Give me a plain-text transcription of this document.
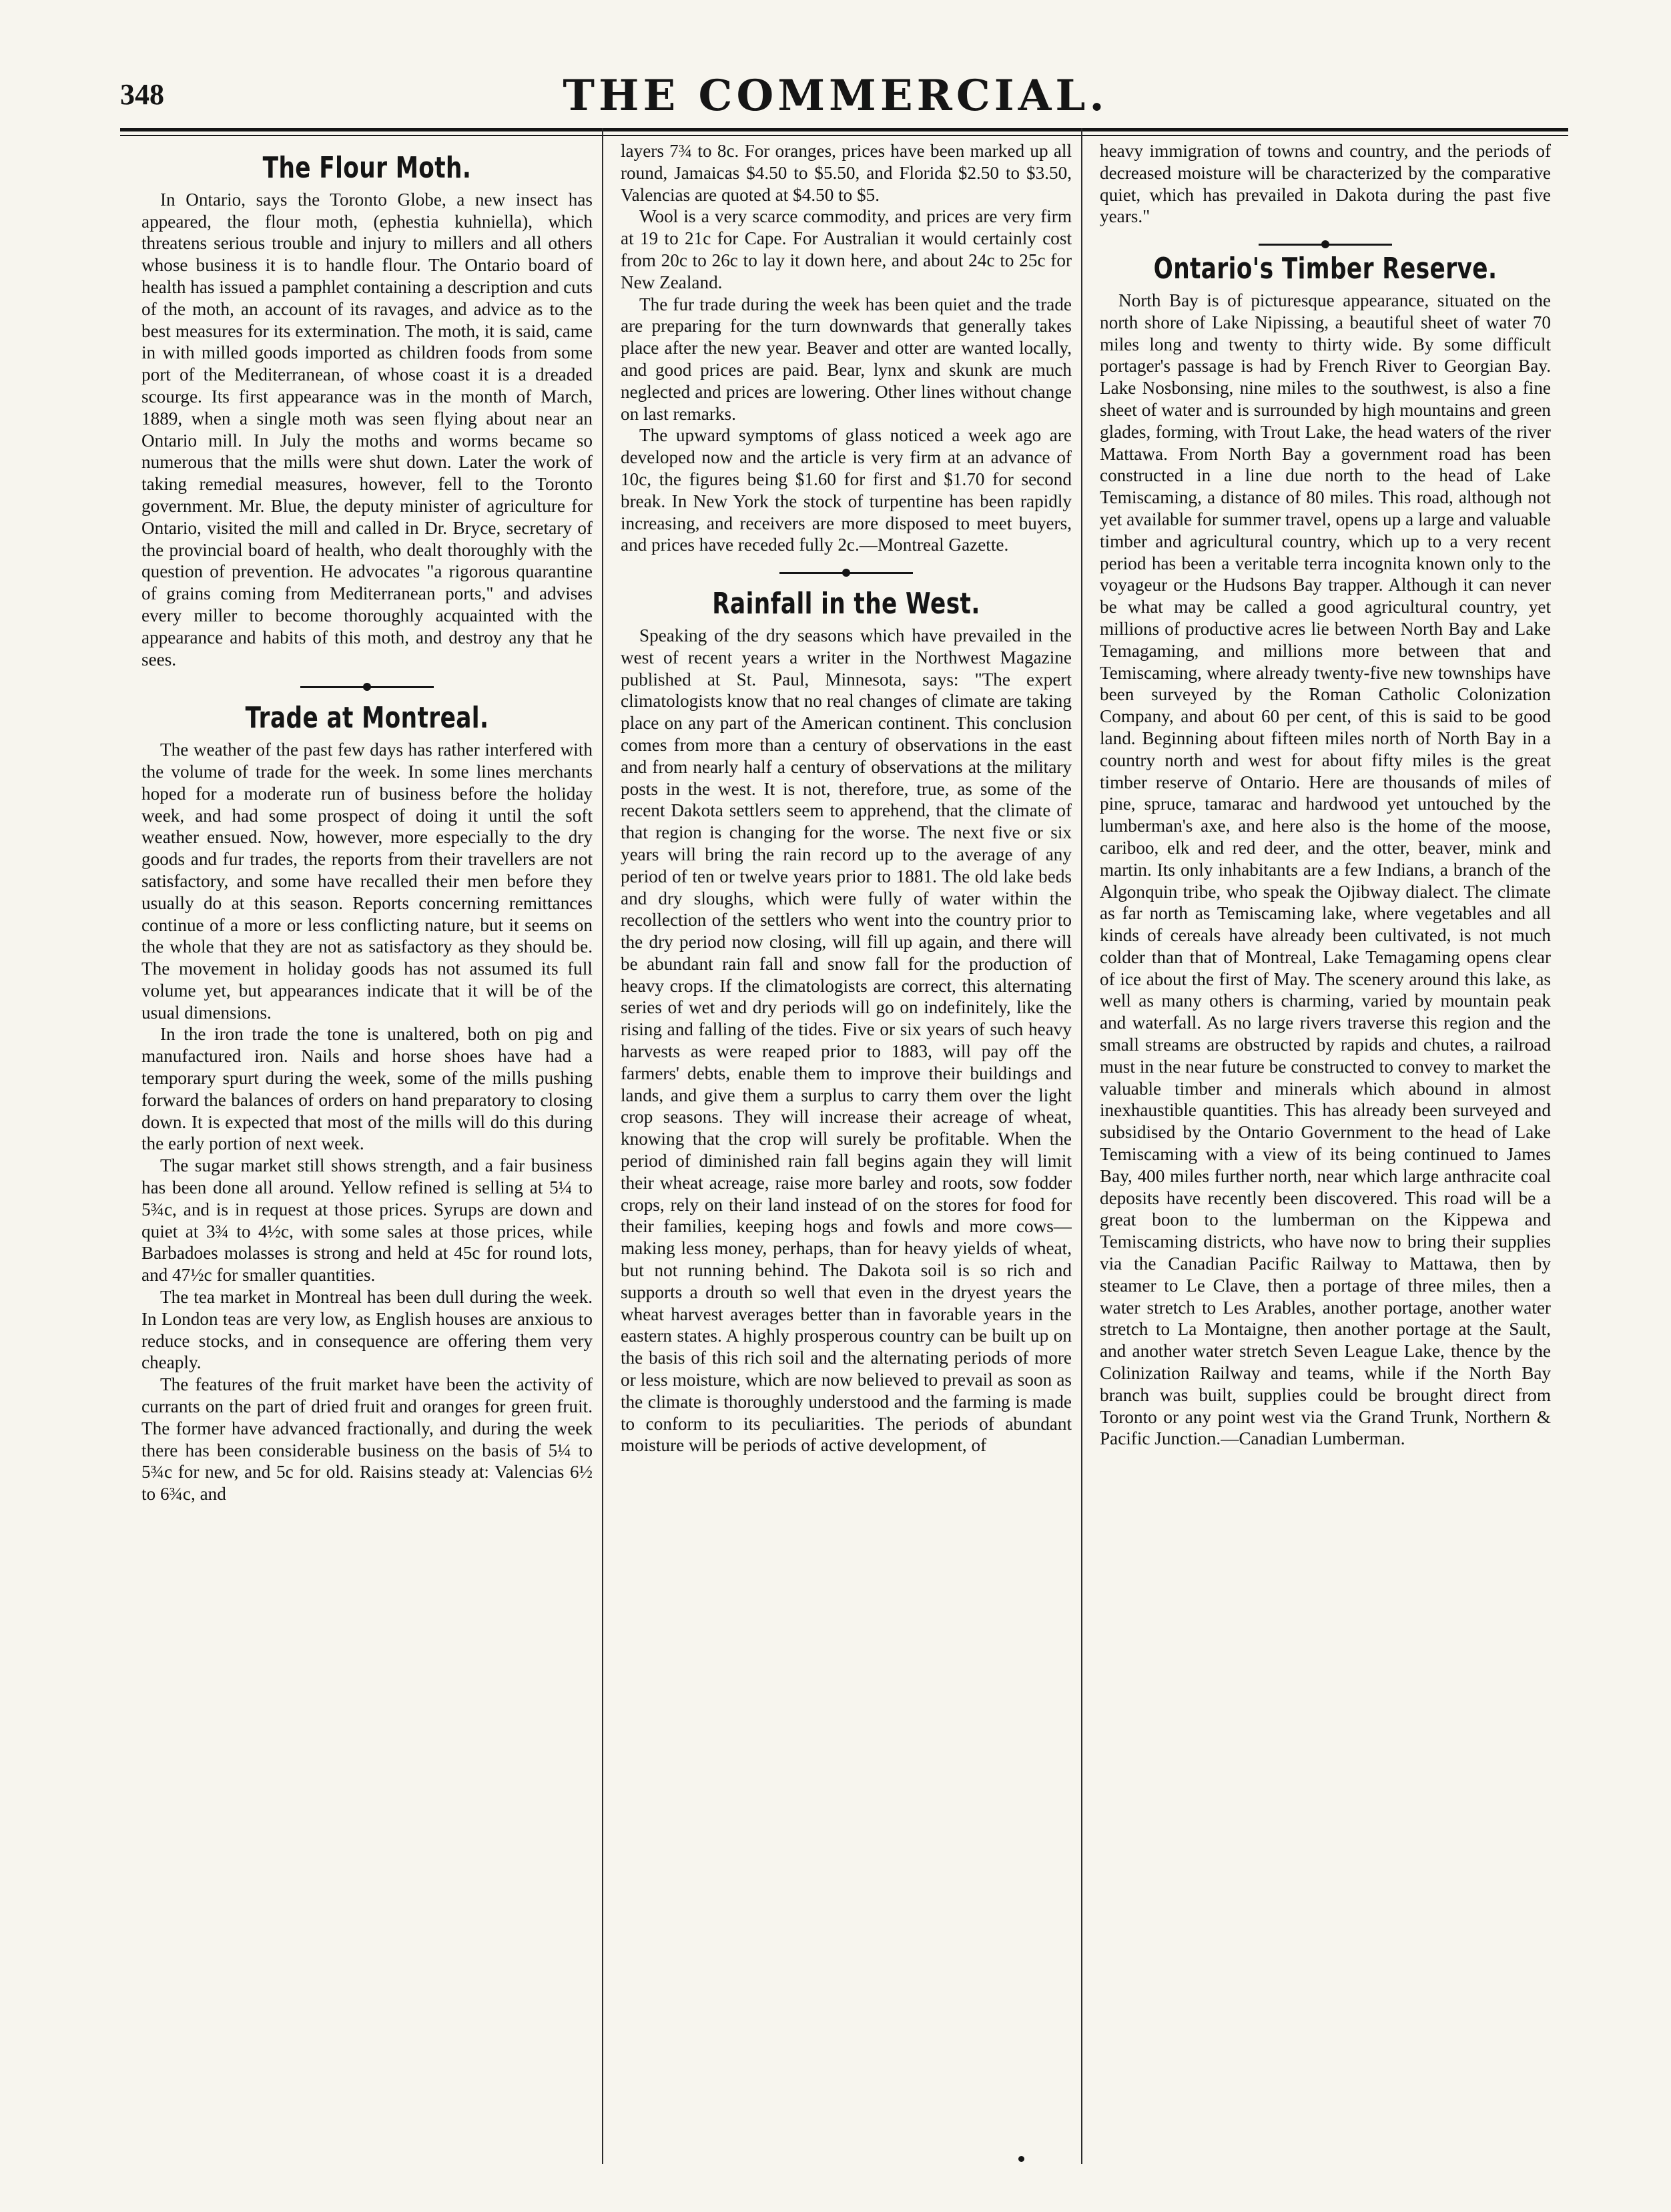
348	THE COMMERCIAL.
The Flour Moth.

In Ontario, says the Toronto Globe, a new insect has appeared, the flour moth, (ephestia kuhniella), which threatens serious trouble and injury to millers and all others whose business it is to handle flour. The Ontario board of health has issued a pamphlet containing a description and cuts of the moth, an account of its ravages, and advice as to the best measures for its extermination. The moth, it is said, came in with milled goods imported as children foods from some port of the Mediterranean, of whose coast it is a dreaded scourge. Its first appearance was in the month of March, 1889, when a single moth was seen flying about near an Ontario mill. In July the moths and worms became so numerous that the mills were shut down. Later the work of taking remedial measures, however, fell to the Toronto government. Mr. Blue, the deputy minister of agriculture for Ontario, visited the mill and called in Dr. Bryce, secretary of the provincial board of health, who dealt thoroughly with the question of prevention. He advocates "a rigorous quarantine of grains coming from Mediterranean ports," and advises every miller to become thoroughly acquainted with the appearance and habits of this moth, and destroy any that he sees.

Trade at Montreal.

The weather of the past few days has rather interfered with the volume of trade for the week. In some lines merchants hoped for a moderate run of business before the holiday week, and had some prospect of doing it until the soft weather ensued. Now, however, more especially to the dry goods and fur trades, the reports from their travellers are not satisfactory, and some have recalled their men before they usually do at this season. Reports concerning remittances continue of a more or less conflicting nature, but it seems on the whole that they are not as satisfactory as they should be. The movement in holiday goods has not assumed its full volume yet, but appearances indicate that it will be of the usual dimensions.

In the iron trade the tone is unaltered, both on pig and manufactured iron. Nails and horse shoes have had a temporary spurt during the week, some of the mills pushing forward the balances of orders on hand preparatory to closing down. It is expected that most of the mills will do this during the early portion of next week.

The sugar market still shows strength, and a fair business has been done all around. Yellow refined is selling at 5¼ to 5¾c, and is in request at those prices. Syrups are down and quiet at 3¾ to 4½c, with some sales at those prices, while Barbadoes molasses is strong and held at 45c for round lots, and 47½c for smaller quantities.

The tea market in Montreal has been dull during the week. In London teas are very low, as English houses are anxious to reduce stocks, and in consequence are offering them very cheaply.

The features of the fruit market have been the activity of currants on the part of dried fruit and oranges for green fruit. The former have advanced fractionally, and during the week there has been considerable business on the basis of 5¼ to 5¾c for new, and 5c for old. Raisins steady at: Valencias 6½ to 6¾c, and

layers 7¾ to 8c. For oranges, prices have been marked up all round, Jamaicas $4.50 to $5.50, and Florida $2.50 to $3.50, Valencias are quoted at $4.50 to $5.

Wool is a very scarce commodity, and prices are very firm at 19 to 21c for Cape. For Australian it would certainly cost from 20c to 26c to lay it down here, and about 24c to 25c for New Zealand.

The fur trade during the week has been quiet and the trade are preparing for the turn downwards that generally takes place after the new year. Beaver and otter are wanted locally, and good prices are paid. Bear, lynx and skunk are much neglected and prices are lowering. Other lines without change on last remarks.

The upward symptoms of glass noticed a week ago are developed now and the article is very firm at an advance of 10c, the figures being $1.60 for first and $1.70 for second break. In New York the stock of turpentine has been rapidly increasing, and receivers are more disposed to meet buyers, and prices have receded fully 2c.—Montreal Gazette.

Rainfall in the West.

Speaking of the dry seasons which have prevailed in the west of recent years a writer in the Northwest Magazine published at St. Paul, Minnesota, says: "The expert climatologists know that no real changes of climate are taking place on any part of the American continent. This conclusion comes from more than a century of observations in the east and from nearly half a century of observations at the military posts in the west. It is not, therefore, true, as some of the recent Dakota settlers seem to apprehend, that the climate of that region is changing for the worse. The next five or six years will bring the rain record up to the average of any period of ten or twelve years prior to 1881. The old lake beds and dry sloughs, which were fully of water within the recollection of the settlers who went into the country prior to the dry period now closing, will fill up again, and there will be abundant rain fall and snow fall for the production of heavy crops. If the climatologists are correct, this alternating series of wet and dry periods will go on indefinitely, like the rising and falling of the tides. Five or six years of such heavy harvests as were reaped prior to 1883, will pay off the farmers' debts, enable them to improve their buildings and lands, and give them a surplus to carry them over the light crop seasons. They will increase their acreage of wheat, knowing that the crop will surely be profitable. When the period of diminished rain fall begins again they will limit their wheat acreage, raise more barley and roots, sow fodder crops, rely on their land instead of on the stores for food for their families, keeping hogs and fowls and more cows—making less money, perhaps, than for heavy yields of wheat, but not running behind. The Dakota soil is so rich and supports a drouth so well that even in the dryest years the wheat harvest averages better than in favorable years in the eastern states. A highly prosperous country can be built up on the basis of this rich soil and the alternating periods of more or less moisture, which are now believed to prevail as soon as the climate is thoroughly understood and the farming is made to conform to its peculiarities. The periods of abundant moisture will be periods of active development, of

heavy immigration of towns and country, and the periods of decreased moisture will be characterized by the comparative quiet, which has prevailed in Dakota during the past five years."

Ontario's Timber Reserve.

North Bay is of picturesque appearance, situated on the north shore of Lake Nipissing, a beautiful sheet of water 70 miles long and twenty to thirty wide. By some difficult portager's passage is had by French River to Georgian Bay. Lake Nosbonsing, nine miles to the southwest, is also a fine sheet of water and is surrounded by high mountains and green glades, forming, with Trout Lake, the head waters of the river Mattawa. From North Bay a government road has been constructed in a line due north to the head of Lake Temiscaming, a distance of 80 miles. This road, although not yet available for summer travel, opens up a large and valuable timber and agricultural country, which up to a very recent period has been a veritable terra incognita known only to the voyageur or the Hudsons Bay trapper. Although it can never be what may be called a good agricultural country, yet millions of productive acres lie between North Bay and Lake Temagaming, and millions more between that and Temiscaming, where already twenty-five new townships have been surveyed by the Roman Catholic Colonization Company, and about 60 per cent, of this is said to be good land. Beginning about fifteen miles north of North Bay in a country north and west for about fifty miles is the great timber reserve of Ontario. Here are thousands of miles of pine, spruce, tamarac and hardwood yet untouched by the lumberman's axe, and here also is the home of the moose, cariboo, elk and red deer, and the otter, beaver, mink and martin. Its only inhabitants are a few Indians, a branch of the Algonquin tribe, who speak the Ojibway dialect. The climate as far north as Temiscaming lake, where vegetables and all kinds of cereals have already been cultivated, is not much colder than that of Montreal, Lake Temagaming opens clear of ice about the first of May. The scenery around this lake, as well as many others is charming, varied by mountain peak and waterfall. As no large rivers traverse this region and the small streams are obstructed by rapids and chutes, a railroad must in the near future be constructed to convey to market the valuable timber and minerals which abound in almost inexhaustible quantities. This has already been surveyed and subsidised by the Ontario Government to the head of Lake Temiscaming with a view of its being continued to James Bay, 400 miles further north, near which large anthracite coal deposits have recently been discovered. This road will be a great boon to the lumberman on the Kippewa and Temiscaming districts, who have now to bring their supplies via the Canadian Pacific Railway to Mattawa, then by steamer to Le Clave, then a portage of three miles, then a water stretch to Les Arables, another portage, another water stretch to La Montaigne, then another portage at the Sault, and another water stretch Seven League Lake, thence by the Colinization Railway and teams, while if the North Bay branch was built, supplies could be brought direct from Toronto or any point west via the Grand Trunk, Northern & Pacific Junction.—Canadian Lumberman.
